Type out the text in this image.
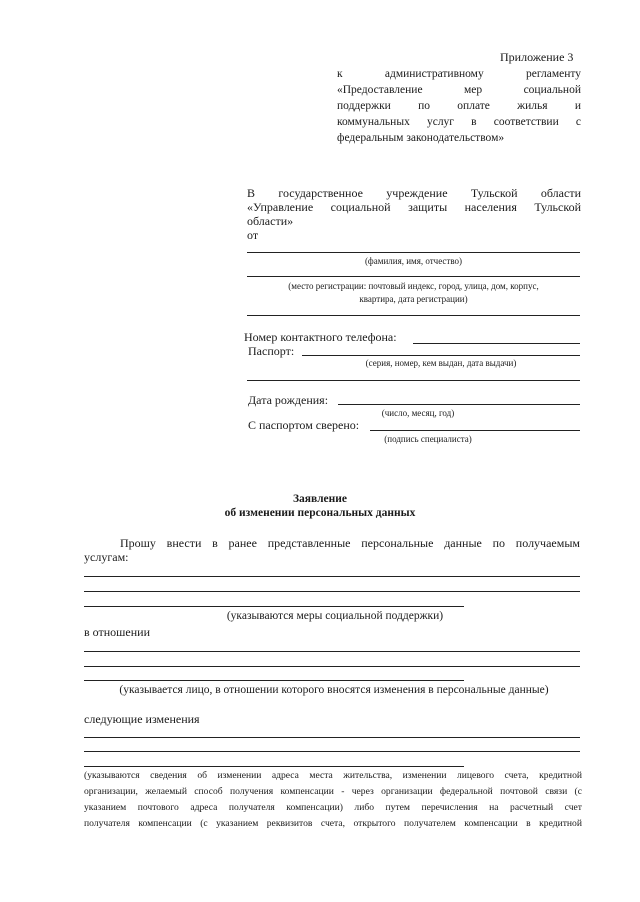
Приложение 3
к административному регламенту
«Предоставление мер социальной
поддержки по оплате жилья и
коммунальных услуг в соответствии с
федеральным законодательством»
В государственное учреждение Тульской области
«Управление социальной защиты населения Тульской
области»
от
(фамилия, имя, отчество)
(место регистрации: почтовый индекс, город, улица, дом, корпус,
квартира, дата регистрации)
Номер контактного телефона:
Паспорт:
(серия, номер, кем выдан, дата выдачи)
Дата рождения:
(число, месяц, год)
С паспортом сверено:
(подпись специалиста)
Заявление
об изменении персональных данных
Прошу внести в ранее представленные персональные данные по получаемым
услугам:
(указываются меры социальной поддержки)
в отношении
(указывается лицо, в отношении которого вносятся изменения в персональные данные)
следующие изменения
(указываются сведения об изменении адреса места жительства, изменении лицевого счета, кредитной
организации, желаемый способ получения компенсации - через организации федеральной почтовой связи (с
указанием почтового адреса получателя компенсации) либо путем перечисления на расчетный счет
получателя компенсации (с указанием реквизитов счета, открытого получателем компенсации в кредитной
